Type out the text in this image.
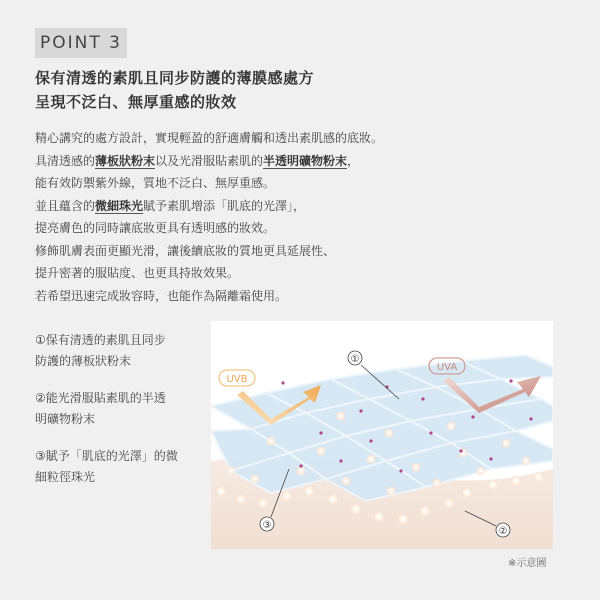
POINT 3
保有清透的素肌且同步防護的薄膜感處方
呈現不泛白、無厚重感的妝效

精心講究的處方設計，實現輕盈的舒適膚觸和透出素肌感的底妝。

具清透感的薄板狀粉末以及光滑服貼素肌的半透明礦物粉末，

能有效防禦紫外線，質地不泛白、無厚重感。

並且蘊含的微細珠光賦予素肌增添「肌底的光澤」，

提亮膚色的同時讓底妝更具有透明感的妝效。

修飾肌膚表面更顯光滑，讓後續底妝的質地更具延展性、

提升密著的服貼度、也更具持妝效果。

若希望迅速完成妝容時，也能作為隔離霜使用。

①保有清透的素肌且同步
防護的薄板狀粉末
②能光滑服貼素肌的半透
明礦物粉末
③賦予「肌底的光澤」的微
細粒徑珠光
UVB
UVA
①
②
③
※示意圖
